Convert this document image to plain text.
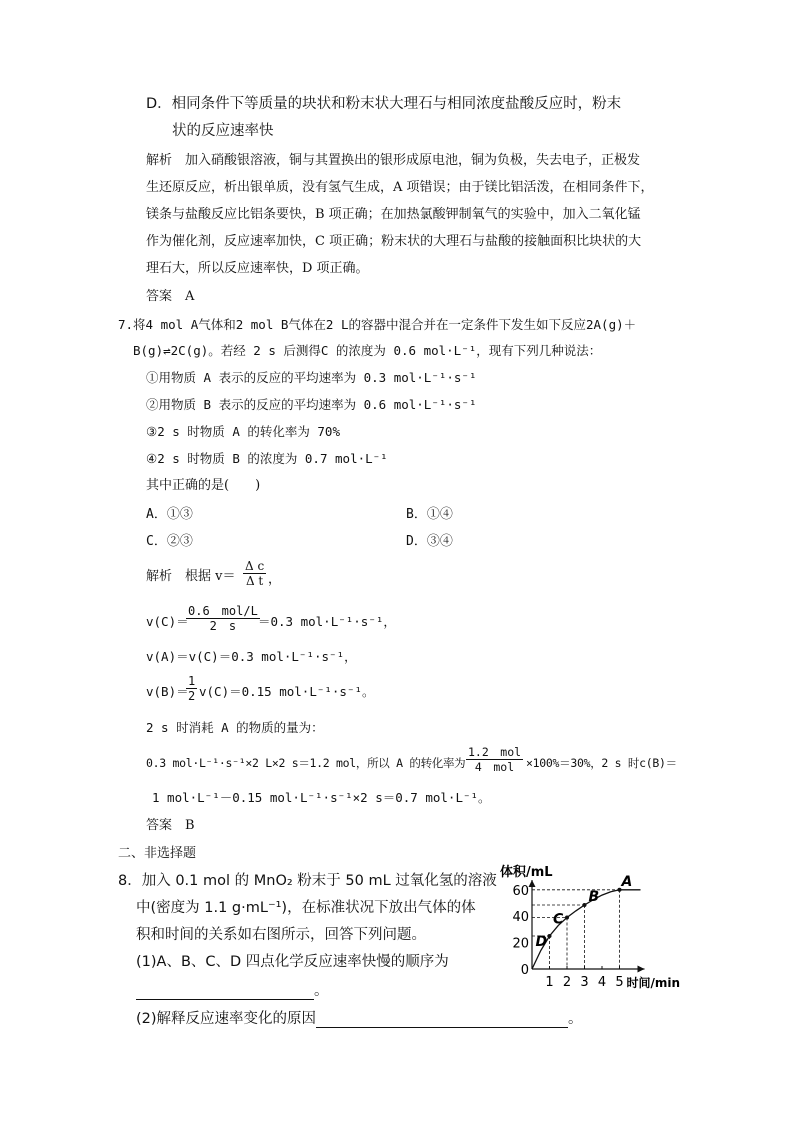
D．相同条件下等质量的块状和粉末状大理石与相同浓度盐酸反应时，粉末
状的反应速率快
解析　加入硝酸银溶液，铜与其置换出的银形成原电池，铜为负极，失去电子，正极发
生还原反应，析出银单质，没有氢气生成，A 项错误；由于镁比铝活泼，在相同条件下，
镁条与盐酸反应比铝条要快，B 项正确；在加热氯酸钾制氧气的实验中，加入二氧化锰
作为催化剂，反应速率加快，C 项正确；粉末状的大理石与盐酸的接触面积比块状的大
理石大，所以反应速率快，D 项正确。
答案　A
7.将4 mol A气体和2 mol B气体在2 L的容器中混合并在一定条件下发生如下反应2A(g)＋
B(g)⇌2C(g)。若经 2 s 后测得C 的浓度为 0.6 mol·L⁻¹，现有下列几种说法：
①用物质 A 表示的反应的平均速率为 0.3 mol·L⁻¹·s⁻¹
②用物质 B 表示的反应的平均速率为 0.6 mol·L⁻¹·s⁻¹
③2 s 时物质 A 的转化率为 70%
④2 s 时物质 B 的浓度为 0.7 mol·L⁻¹
其中正确的是(　　)
A．①③	B．①④
C．②③	D．③④
解析　根据 $v= \frac{\text{Δ c}}{\text{Δ t}}$ ，
v(C)＝
0.6　mol/L
2　s	＝0.3 mol·L⁻¹·s⁻¹，
v(A)＝v(C)＝0.3 mol·L⁻¹·s⁻¹，
v(B)＝
$\frac{1}{2} v(C)=0.15$ mol·L⁻¹·s⁻¹。
2 s 时消耗 A 的物质的量为：
0.3 mol·L⁻¹·s⁻¹×2 L×2 s＝1.2 mol，所以 A 的转化率为
1.2　mol
4　mol	×100%＝30%，2 s 时c(B)＝
1 mol·L⁻¹－0.15 mol·L⁻¹·s⁻¹×2 s＝0.7 mol·L⁻¹。
答案　B
二、非选择题
8．加入 0.1 mol 的 MnO₂ 粉末于 50 mL 过氧化氢的溶液
中(密度为 1.1 g·mL⁻¹)，在标准状况下放出气体的体
积和时间的关系如右图所示，回答下列问题。
(1)A、B、C、D 四点化学反应速率快慢的顺序为
。
(2)解释反应速率变化的原因	。
体积/mL
时间/min
0
20
40
60
1 2 3 4 5
D
C
B
A
